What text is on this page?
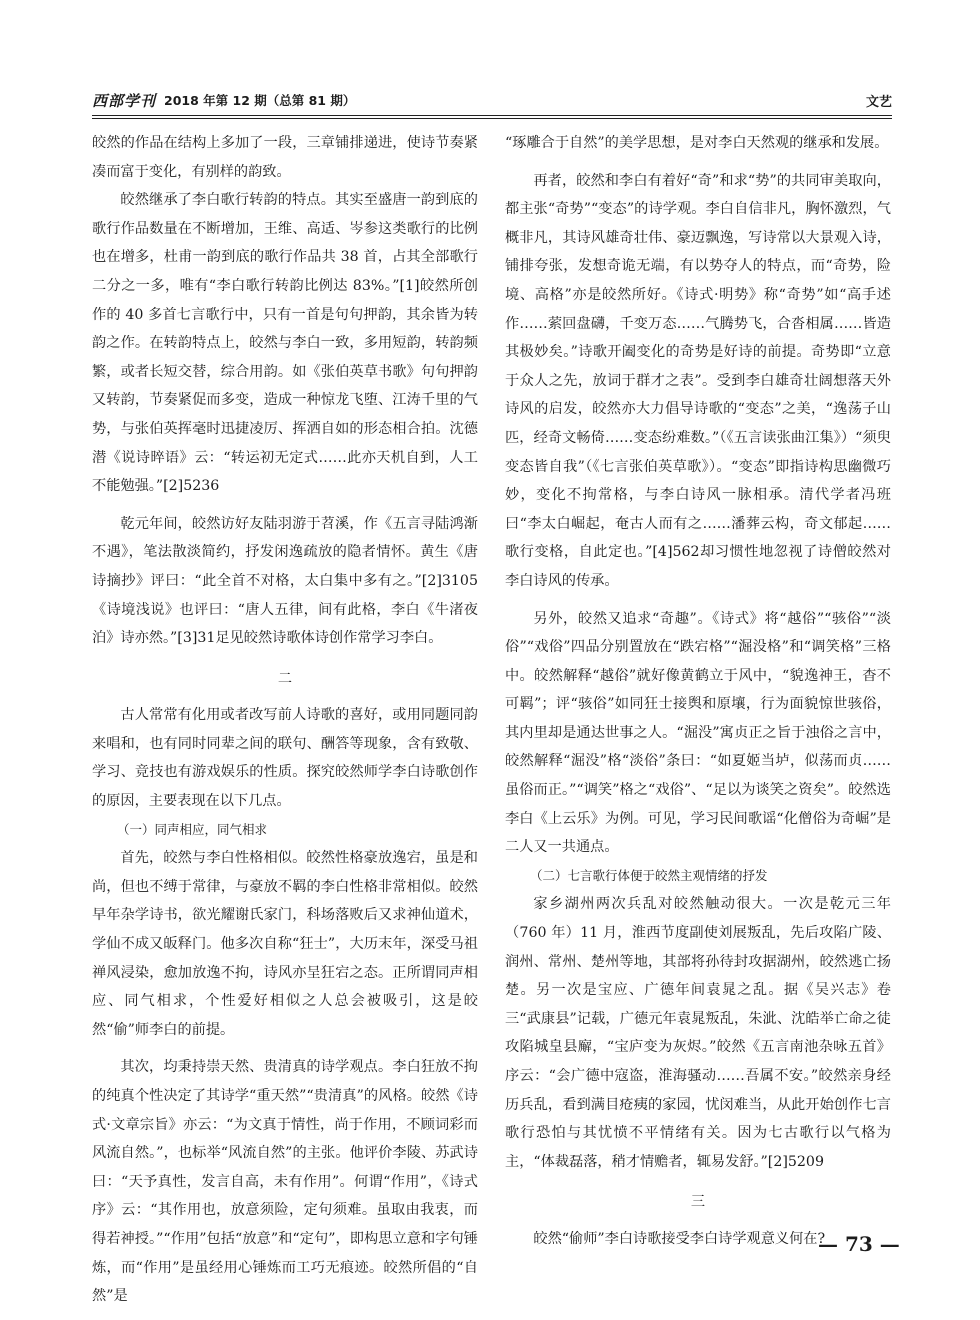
西部学刊 2018 年第 12 期（总第 81 期）	文艺

皎然的作品在结构上多加了一段，三章铺排递进，使诗节奏紧凑而富于变化，有别样的韵致。

皎然继承了李白歌行转韵的特点。其实至盛唐一韵到底的歌行作品数量在不断增加，王维、高适、岑参这类歌行的比例也在增多，杜甫一韵到底的歌行作品共 38 首，占其全部歌行二分之一多，唯有“李白歌行转韵比例达 83%。”[1]皎然所创作的 40 多首七言歌行中，只有一首是句句押韵，其余皆为转韵之作。在转韵特点上，皎然与李白一致，多用短韵，转韵频繁，或者长短交替，综合用韵。如《张伯英草书歌》句句押韵又转韵，节奏紧促而多变，造成一种惊龙飞堕、江涛千里的气势，与张伯英挥毫时迅捷凌厉、挥洒自如的形态相合拍。沈德潜《说诗晬语》云：“转运初无定式……此亦天机自到，人工不能勉强。”[2]5236

乾元年间，皎然访好友陆羽游于苕溪，作《五言寻陆鸿渐不遇》，笔法散淡简约，抒发闲逸疏放的隐者情怀。黄生《唐诗摘抄》评曰：“此全首不对格，太白集中多有之。”[2]3105《诗境浅说》也评曰：“唐人五律，间有此格，李白《牛渚夜泊》诗亦然。”[3]31足见皎然诗歌体诗创作常学习李白。

二

古人常常有化用或者改写前人诗歌的喜好，或用同题同韵来唱和，也有同时同辈之间的联句、酬答等现象，含有致敬、学习、竞技也有游戏娱乐的性质。探究皎然师学李白诗歌创作的原因，主要表现在以下几点。

（一）同声相应，同气相求

首先，皎然与李白性格相似。皎然性格豪放逸宕，虽是和尚，但也不缚于常律，与豪放不羁的李白性格非常相似。皎然早年杂学诗书，欲光耀谢氏家门，科场落败后又求神仙道术，学仙不成又皈释门。他多次自称“狂士”，大历末年，深受马祖禅风浸染，愈加放逸不拘，诗风亦呈狂宕之态。正所谓同声相应、同气相求，个性爱好相似之人总会被吸引，这是皎然“偷”师李白的前提。

其次，均秉持崇天然、贵清真的诗学观点。李白狂放不拘的纯真个性决定了其诗学“重天然”“贵清真”的风格。皎然《诗式·文章宗旨》亦云：“为文真于情性，尚于作用，不顾词彩而风流自然。”，也标举“风流自然”的主张。他评价李陵、苏武诗曰：“天予真性，发言自高，未有作用”。何谓“作用”，《诗式序》云：“其作用也，放意须险，定句须难。虽取由我衷，而得若神授。”“作用”包括“放意”和“定句”，即构思立意和字句锤炼，而“作用”是虽经用心锤炼而工巧无痕迹。皎然所倡的“自然”是

“琢雕合于自然”的美学思想，是对李白天然观的继承和发展。

再者，皎然和李白有着好“奇”和求“势”的共同审美取向，都主张“奇势”“变态”的诗学观。李白自信非凡，胸怀激烈，气概非凡，其诗风雄奇壮伟、豪迈飘逸，写诗常以大景观入诗，铺排夸张，发想奇诡无端，有以势夺人的特点，而“奇势，险境、高格”亦是皎然所好。《诗式·明势》称“奇势”如“高手述作……萦回盘礴，千变万态……气腾势飞，合沓相属……皆造其极妙矣。”诗歌开阖变化的奇势是好诗的前提。奇势即“立意于众人之先，放词于群才之表”。受到李白雄奇壮阔想落天外诗风的启发，皎然亦大力倡导诗歌的“变态”之美，“逸荡子山匹，经奇文畅倚……变态纷难数。”（《五言读张曲江集》）“须臾变态皆自我”（《七言张伯英草歌》）。“变态”即指诗构思幽微巧妙，变化不拘常格，与李白诗风一脉相承。清代学者冯班曰“李太白崛起，奄古人而有之……潘葬云构，奇文郁起……歌行变格，自此定也。”[4]562却习惯性地忽视了诗僧皎然对李白诗风的传承。

另外，皎然又追求“奇趣”。《诗式》将“越俗”“骇俗”“淡俗”“戏俗”四品分别置放在“跌宕格”“淈没格”和“调笑格”三格中。皎然解释“越俗”就好像黄鹤立于风中，“貌逸神王，杳不可羁”；评“骇俗”如同狂士接舆和原壤，行为面貌惊世骇俗，其内里却是通达世事之人。“淈没”寓贞正之旨于浊俗之言中，皎然解释“淈没”格“淡俗”条曰：“如夏姬当垆，似荡而贞……虽俗而正。”“调笑”格之“戏俗”、“足以为谈笑之资矣”。皎然选李白《上云乐》为例。可见，学习民间歌谣“化僧俗为奇崛”是二人又一共通点。

（二）七言歌行体便于皎然主观情绪的抒发

家乡湖州两次兵乱对皎然触动很大。一次是乾元三年（760 年）11 月，淮西节度副使刘展叛乱，先后攻陷广陵、润州、常州、楚州等地，其部将孙待封攻据湖州，皎然逃亡扬楚。另一次是宝应、广德年间袁晁之乱。据《吴兴志》卷三“武康县”记载，广德元年袁晁叛乱，朱泚、沈皓举亡命之徒攻陷城皇县廨，“宝庐变为灰烬。”皎然《五言南池杂咏五首》序云：“会广德中寇盗，淮海骚动……吾属不安。”皎然亲身经历兵乱，看到满目疮痍的家园，忧闵难当，从此开始创作七言歌行恐怕与其忧愤不平情绪有关。因为七古歌行以气格为主，“体裁磊落，稍才情赡者，辄易发舒。”[2]5209

三

皎然“偷师”李白诗歌接受李白诗学观意义何在?

— 73 —
